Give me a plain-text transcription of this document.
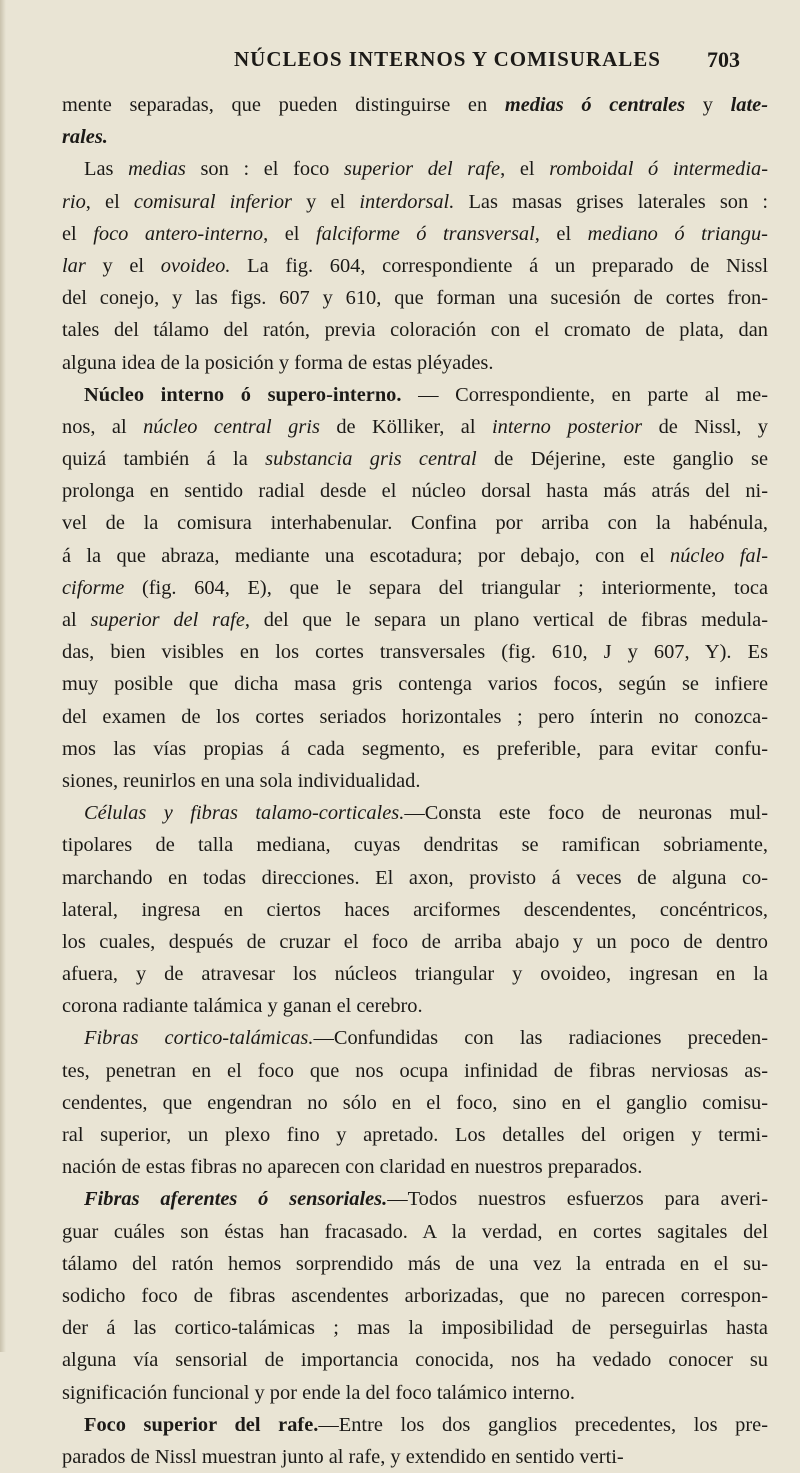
NÚCLEOS INTERNOS Y COMISURALES 703
mente separadas, que pueden distinguirse en medias ó centrales y late-
rales.
Las medias son : el foco superior del rafe, el romboidal ó intermedia-
rio, el comisural inferior y el interdorsal. Las masas grises laterales son :
el foco antero-interno, el falciforme ó transversal, el mediano ó triangu-
lar y el ovoideo. La fig. 604, correspondiente á un preparado de Nissl
del conejo, y las figs. 607 y 610, que forman una sucesión de cortes fron-
tales del tálamo del ratón, previa coloración con el cromato de plata, dan
alguna idea de la posición y forma de estas pléyades.
Núcleo interno ó supero-interno. — Correspondiente, en parte al me-
nos, al núcleo central gris de Kölliker, al interno posterior de Nissl, y
quizá también á la substancia gris central de Déjerine, este ganglio se
prolonga en sentido radial desde el núcleo dorsal hasta más atrás del ni-
vel de la comisura interhabenular. Confina por arriba con la habénula,
á la que abraza, mediante una escotadura; por debajo, con el núcleo fal-
ciforme (fig. 604, E), que le separa del triangular ; interiormente, toca
al superior del rafe, del que le separa un plano vertical de fibras medula-
das, bien visibles en los cortes transversales (fig. 610, J y 607, Y). Es
muy posible que dicha masa gris contenga varios focos, según se infiere
del examen de los cortes seriados horizontales ; pero ínterin no conozca-
mos las vías propias á cada segmento, es preferible, para evitar confu-
siones, reunirlos en una sola individualidad.
Células y fibras talamo-corticales.—Consta este foco de neuronas mul-
tipolares de talla mediana, cuyas dendritas se ramifican sobriamente,
marchando en todas direcciones. El axon, provisto á veces de alguna co-
lateral, ingresa en ciertos haces arciformes descendentes, concéntricos,
los cuales, después de cruzar el foco de arriba abajo y un poco de dentro
afuera, y de atravesar los núcleos triangular y ovoideo, ingresan en la
corona radiante talámica y ganan el cerebro.
Fibras cortico-talámicas.—Confundidas con las radiaciones preceden-
tes, penetran en el foco que nos ocupa infinidad de fibras nerviosas as-
cendentes, que engendran no sólo en el foco, sino en el ganglio comisu-
ral superior, un plexo fino y apretado. Los detalles del origen y termi-
nación de estas fibras no aparecen con claridad en nuestros preparados.
Fibras aferentes ó sensoriales.—Todos nuestros esfuerzos para averi-
guar cuáles son éstas han fracasado. A la verdad, en cortes sagitales del
tálamo del ratón hemos sorprendido más de una vez la entrada en el su-
sodicho foco de fibras ascendentes arborizadas, que no parecen correspon-
der á las cortico-talámicas ; mas la imposibilidad de perseguirlas hasta
alguna vía sensorial de importancia conocida, nos ha vedado conocer su
significación funcional y por ende la del foco talámico interno.
Foco superior del rafe.—Entre los dos ganglios precedentes, los pre-
parados de Nissl muestran junto al rafe, y extendido en sentido verti-
